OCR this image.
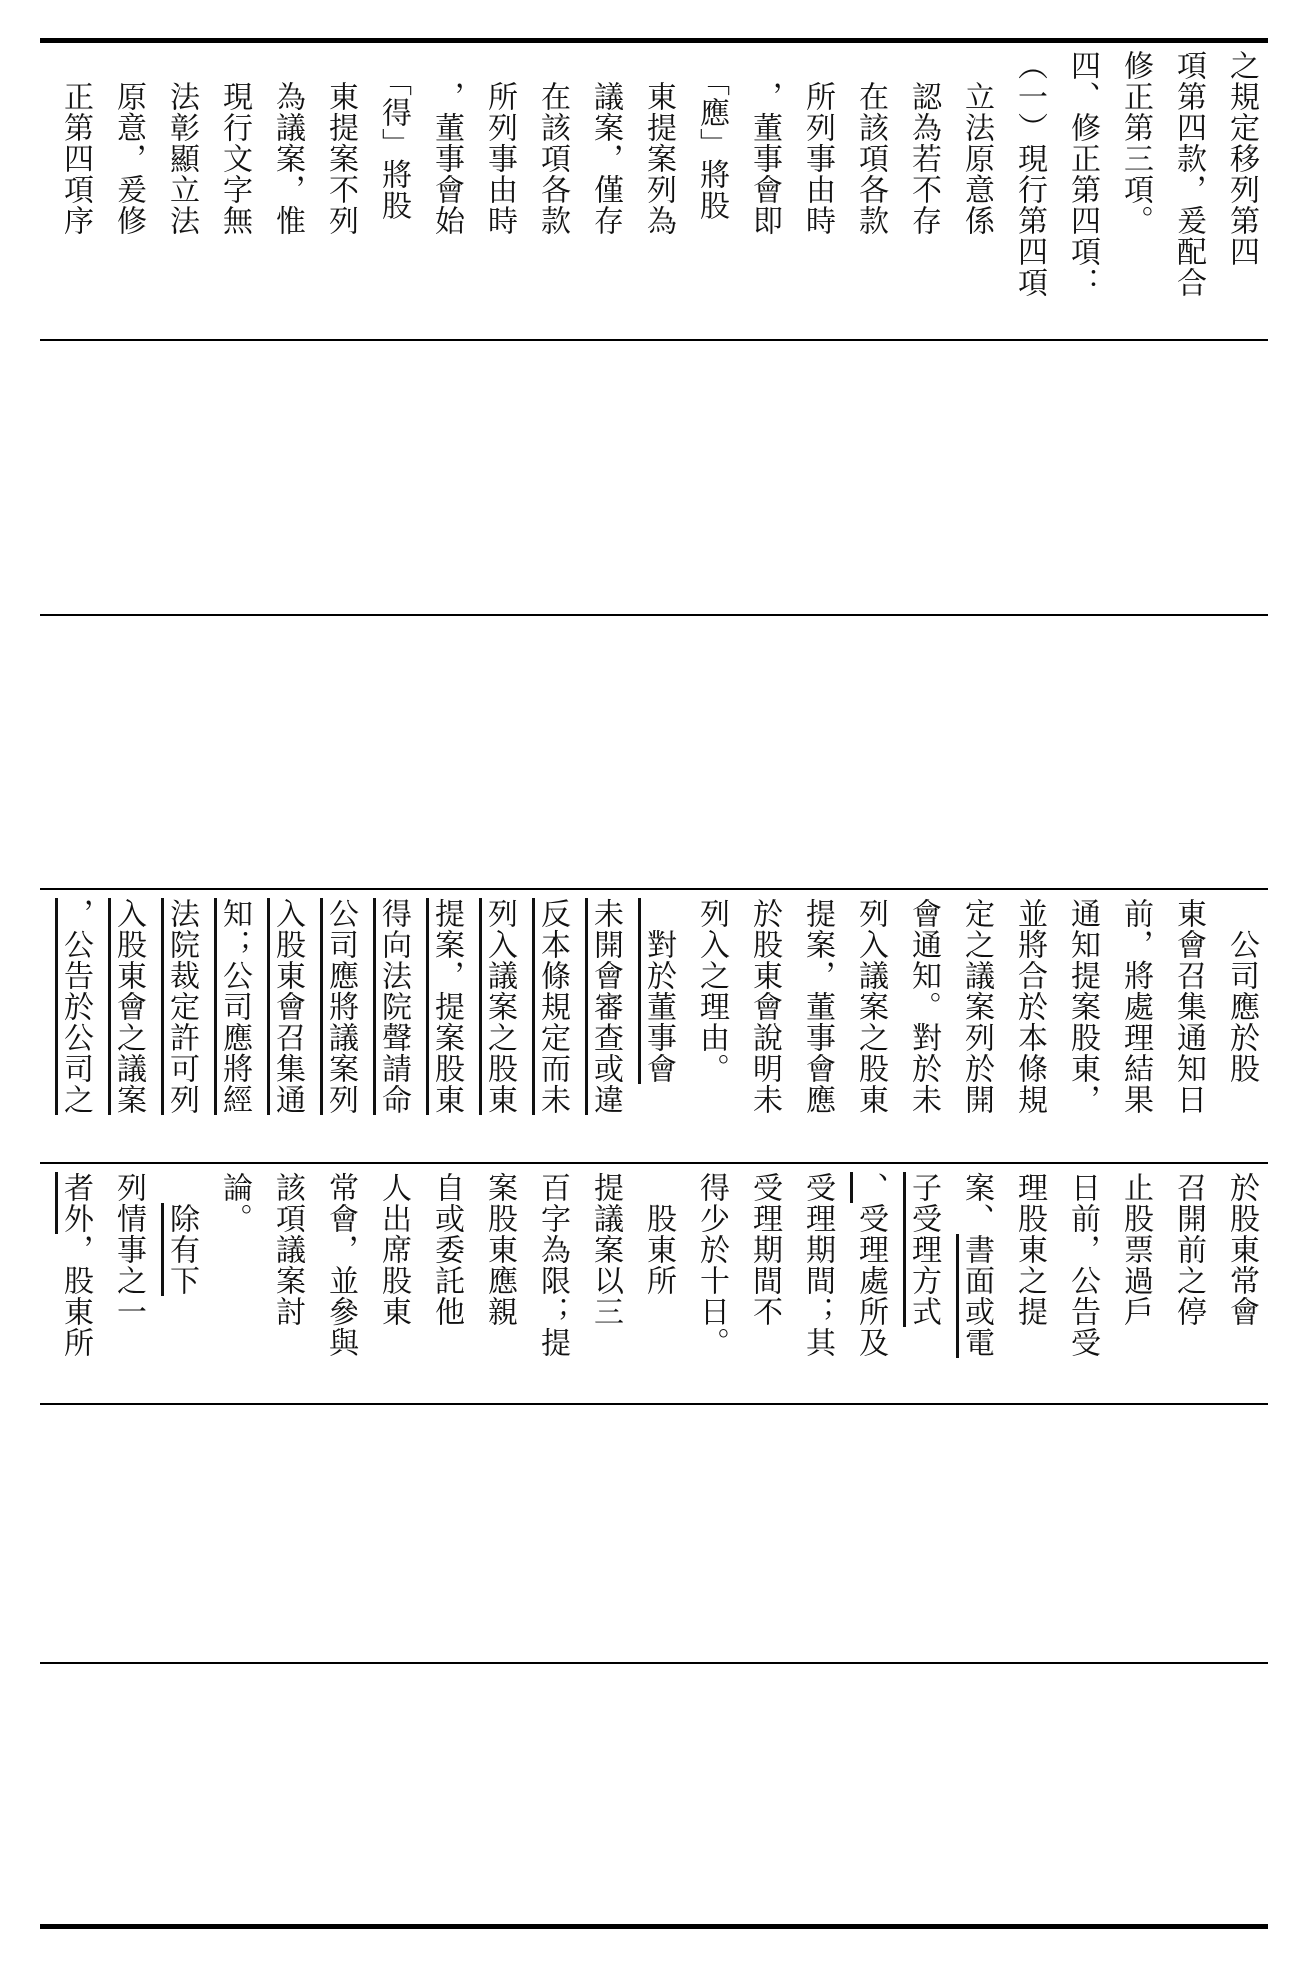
之規定移列第四
項第四款，爰配合
修正第三項。
四、修正第四項：
（一）現行第四項
　立法原意係
　認為若不存
　在該項各款
　所列事由時
　，董事會即
　「應」將股
　東提案列為
　議案，僅存
　在該項各款
　所列事由時
　，董事會始
　「得」將股
　東提案不列
　為議案，惟
　現行文字無
　法彰顯立法
　原意，爰修
　正第四項序
　公司應於股
東會召集通知日
前，將處理結果
通知提案股東，
並將合於本條規
定之議案列於開
會通知。對於未
列入議案之股東
提案，董事會應
於股東會說明未
列入之理由。
　對於董事會
未開會審查或違
反本條規定而未
列入議案之股東
提案，提案股東
得向法院聲請命
公司應將議案列
入股東會召集通
知；公司應將經
法院裁定許可列
入股東會之議案
，公告於公司之
於股東常會
召開前之停
止股票過戶
日前，公告受
理股東之提
案、書面或電
子受理方式
、受理處所及
受理期間；其
受理期間不
得少於十日。
　股東所
提議案以三
百字為限；提
案股東應親
自或委託他
人出席股東
常會，並參與
該項議案討
論。
　除有下
列情事之一
者外，股東所
